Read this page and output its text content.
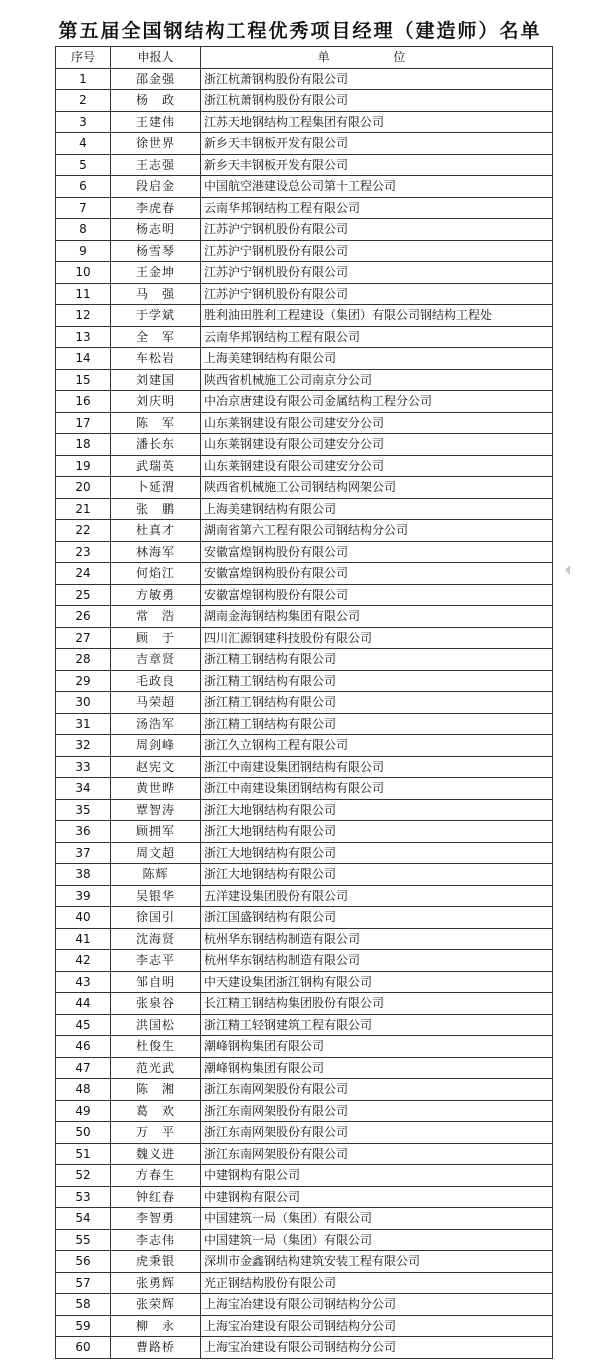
第五届全国钢结构工程优秀项目经理（建造师）名单
序号	申报人	单 位
1	邵金强	浙江杭萧钢构股份有限公司
2	杨　政	浙江杭萧钢构股份有限公司
3	王建伟	江苏天地钢结构工程集团有限公司
4	徐世界	新乡天丰钢板开发有限公司
5	王志强	新乡天丰钢板开发有限公司
6	段启金	中国航空港建设总公司第十工程公司
7	李虎春	云南华邦钢结构工程有限公司
8	杨志明	江苏沪宁钢机股份有限公司
9	杨雪琴	江苏沪宁钢机股份有限公司
10	王金坤	江苏沪宁钢机股份有限公司
11	马　强	江苏沪宁钢机股份有限公司
12	于学斌	胜利油田胜利工程建设（集团）有限公司钢结构工程处
13	全　军	云南华邦钢结构工程有限公司
14	车松岩	上海美建钢结构有限公司
15	刘建国	陕西省机械施工公司南京分公司
16	刘庆明	中冶京唐建设有限公司金属结构工程分公司
17	陈　军	山东莱钢建设有限公司建安分公司
18	潘长东	山东莱钢建设有限公司建安分公司
19	武瑞英	山东莱钢建设有限公司建安分公司
20	卜延渭	陕西省机械施工公司钢结构网架公司
21	张　鹏	上海美建钢结构有限公司
22	杜真才	湖南省第六工程有限公司钢结构分公司
23	林海军	安徽富煌钢构股份有限公司
24	何焰江	安徽富煌钢构股份有限公司
25	方敏勇	安徽富煌钢构股份有限公司
26	常　浩	湖南金海钢结构集团有限公司
27	顾　于	四川汇源钢建科技股份有限公司
28	吉章贤	浙江精工钢结构有限公司
29	毛政良	浙江精工钢结构有限公司
30	马荣超	浙江精工钢结构有限公司
31	汤浩军	浙江精工钢结构有限公司
32	周剑峰	浙江久立钢构工程有限公司
33	赵宪文	浙江中南建设集团钢结构有限公司
34	黄世晔	浙江中南建设集团钢结构有限公司
35	覃智涛	浙江大地钢结构有限公司
36	顾拥军	浙江大地钢结构有限公司
37	周文超	浙江大地钢结构有限公司
38	陈辉	浙江大地钢结构有限公司
39	吴银华	五洋建设集团股份有限公司
40	徐国引	浙江国盛钢结构有限公司
41	沈海贤	杭州华东钢结构制造有限公司
42	李志平	杭州华东钢结构制造有限公司
43	邹自明	中天建设集团浙江钢构有限公司
44	张泉谷	长江精工钢结构集团股份有限公司
45	洪国松	浙江精工轻钢建筑工程有限公司
46	杜俊生	潮峰钢构集团有限公司
47	范光武	潮峰钢构集团有限公司
48	陈　湘	浙江东南网架股份有限公司
49	葛　欢	浙江东南网架股份有限公司
50	万　平	浙江东南网架股份有限公司
51	魏义进	浙江东南网架股份有限公司
52	方春生	中建钢构有限公司
53	钟红春	中建钢构有限公司
54	李智勇	中国建筑一局（集团）有限公司
55	李志伟	中国建筑一局（集团）有限公司
56	虎秉银	深圳市金鑫钢结构建筑安装工程有限公司
57	张勇辉	光正钢结构股份有限公司
58	张荣辉	上海宝冶建设有限公司钢结构分公司
59	柳　永	上海宝冶建设有限公司钢结构分公司
60	曹路桥	上海宝冶建设有限公司钢结构分公司
